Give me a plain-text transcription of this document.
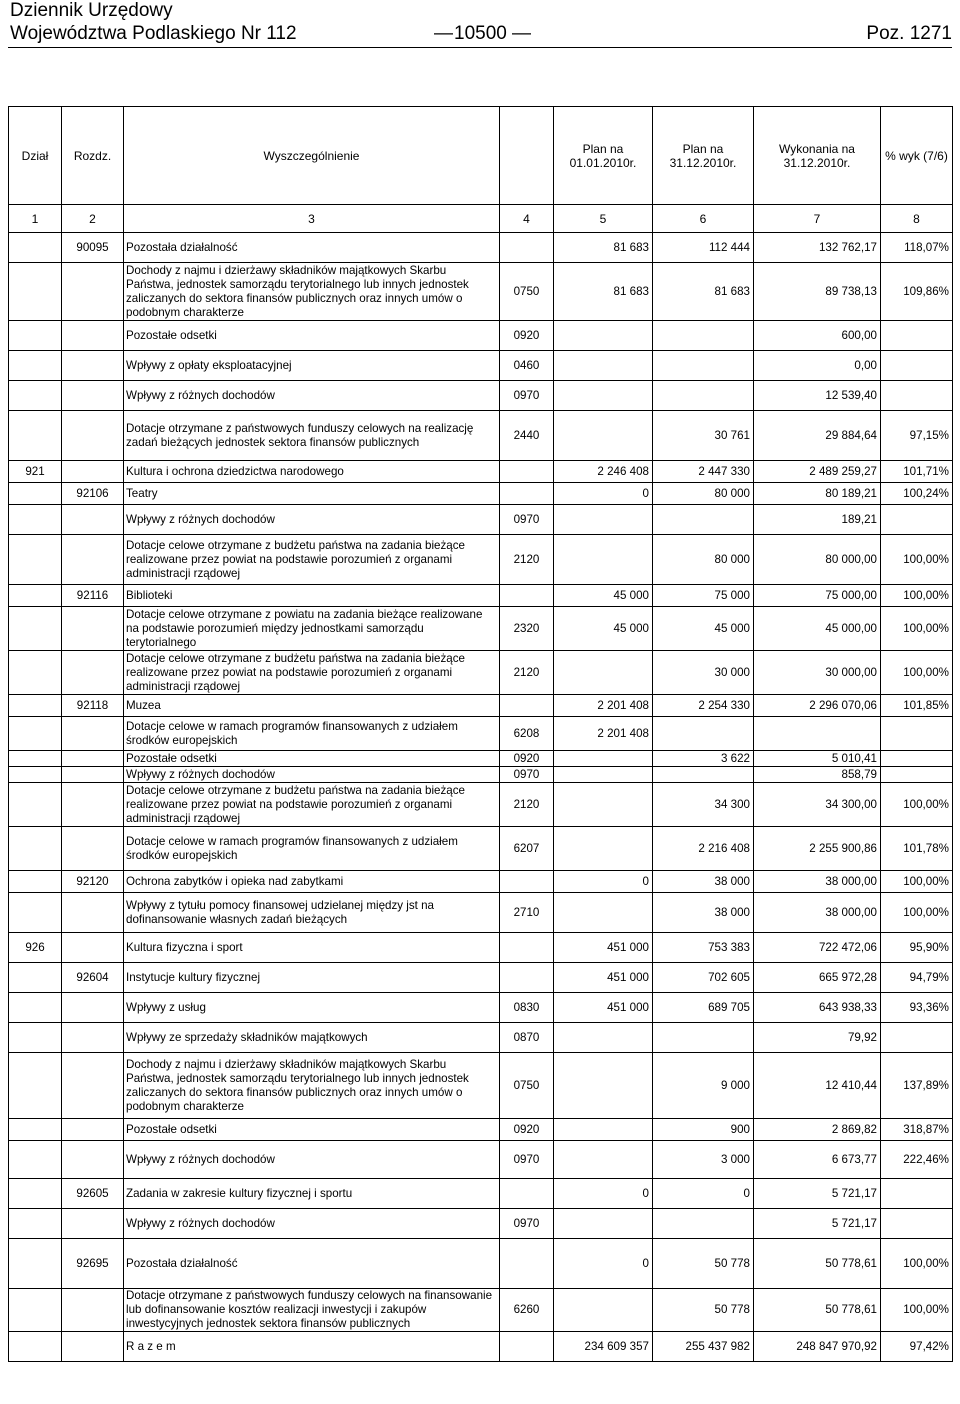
Dziennik Urzędowy
Województwa Podlaskiego Nr 112	— 10500 —	Poz. 1271
Dział	Rozdz.	Wyszczególnienie		Plan na 01.01.2010r.	Plan na 31.12.2010r.	Wykonania na 31.12.2010r.	% wyk (7/6)
1	2	3	4	5	6	7	8
	90095	Pozostała działalność		81 683	112 444	132 762,17	118,07%
		Dochody z najmu i dzierżawy składników majątkowych Skarbu Państwa, jednostek samorządu terytorialnego lub innych jednostek zaliczanych do sektora finansów publicznych oraz innych umów o podobnym charakterze	0750	81 683	81 683	89 738,13	109,86%
		Pozostałe odsetki	0920			600,00	
		Wpływy z opłaty eksploatacyjnej	0460			0,00	
		Wpływy z różnych dochodów	0970			12 539,40	
		Dotacje otrzymane z państwowych funduszy celowych na realizację zadań bieżących jednostek sektora finansów publicznych	2440		30 761	29 884,64	97,15%
921		Kultura i ochrona dziedzictwa narodowego		2 246 408	2 447 330	2 489 259,27	101,71%
	92106	Teatry		0	80 000	80 189,21	100,24%
		Wpływy z różnych dochodów	0970			189,21	
		Dotacje celowe otrzymane z budżetu państwa na zadania bieżące realizowane przez powiat na podstawie porozumień z organami administracji rządowej	2120		80 000	80 000,00	100,00%
	92116	Biblioteki		45 000	75 000	75 000,00	100,00%
		Dotacje celowe otrzymane z powiatu na zadania bieżące realizowane na podstawie porozumień między jednostkami samorządu terytorialnego	2320	45 000	45 000	45 000,00	100,00%
		Dotacje celowe otrzymane z budżetu państwa na zadania bieżące realizowane przez powiat na podstawie porozumień z organami administracji rządowej	2120		30 000	30 000,00	100,00%
	92118	Muzea		2 201 408	2 254 330	2 296 070,06	101,85%
		Dotacje celowe w ramach programów finansowanych z udziałem środków europejskich	6208	2 201 408			
		Pozostałe odsetki	0920		3 622	5 010,41	
		Wpływy z różnych dochodów	0970			858,79	
		Dotacje celowe otrzymane z budżetu państwa na zadania bieżące realizowane przez powiat na podstawie porozumień z organami administracji rządowej	2120		34 300	34 300,00	100,00%
		Dotacje celowe w ramach programów finansowanych z udziałem środków europejskich	6207		2 216 408	2 255 900,86	101,78%
	92120	Ochrona zabytków i opieka nad zabytkami		0	38 000	38 000,00	100,00%
		Wpływy z tytułu pomocy finansowej udzielanej między jst na dofinansowanie własnych zadań bieżących	2710		38 000	38 000,00	100,00%
926		Kultura fizyczna i sport		451 000	753 383	722 472,06	95,90%
	92604	Instytucje kultury fizycznej		451 000	702 605	665 972,28	94,79%
		Wpływy z usług	0830	451 000	689 705	643 938,33	93,36%
		Wpływy ze sprzedaży składników majątkowych	0870			79,92	
		Dochody z najmu i dzierżawy składników majątkowych Skarbu Państwa, jednostek samorządu terytorialnego lub innych jednostek zaliczanych do sektora finansów publicznych oraz innych umów o podobnym charakterze	0750		9 000	12 410,44	137,89%
		Pozostałe odsetki	0920		900	2 869,82	318,87%
		Wpływy z różnych dochodów	0970		3 000	6 673,77	222,46%
	92605	Zadania w zakresie kultury fizycznej i sportu		0	0	5 721,17	
		Wpływy z różnych dochodów	0970			5 721,17	
	92695	Pozostała działalność		0	50 778	50 778,61	100,00%
		Dotacje otrzymane z państwowych funduszy celowych na finansowanie lub dofinansowanie kosztów realizacji inwestycji i zakupów inwestycyjnych jednostek sektora finansów publicznych	6260		50 778	50 778,61	100,00%
		R a z e m		234 609 357	255 437 982	248 847 970,92	97,42%
